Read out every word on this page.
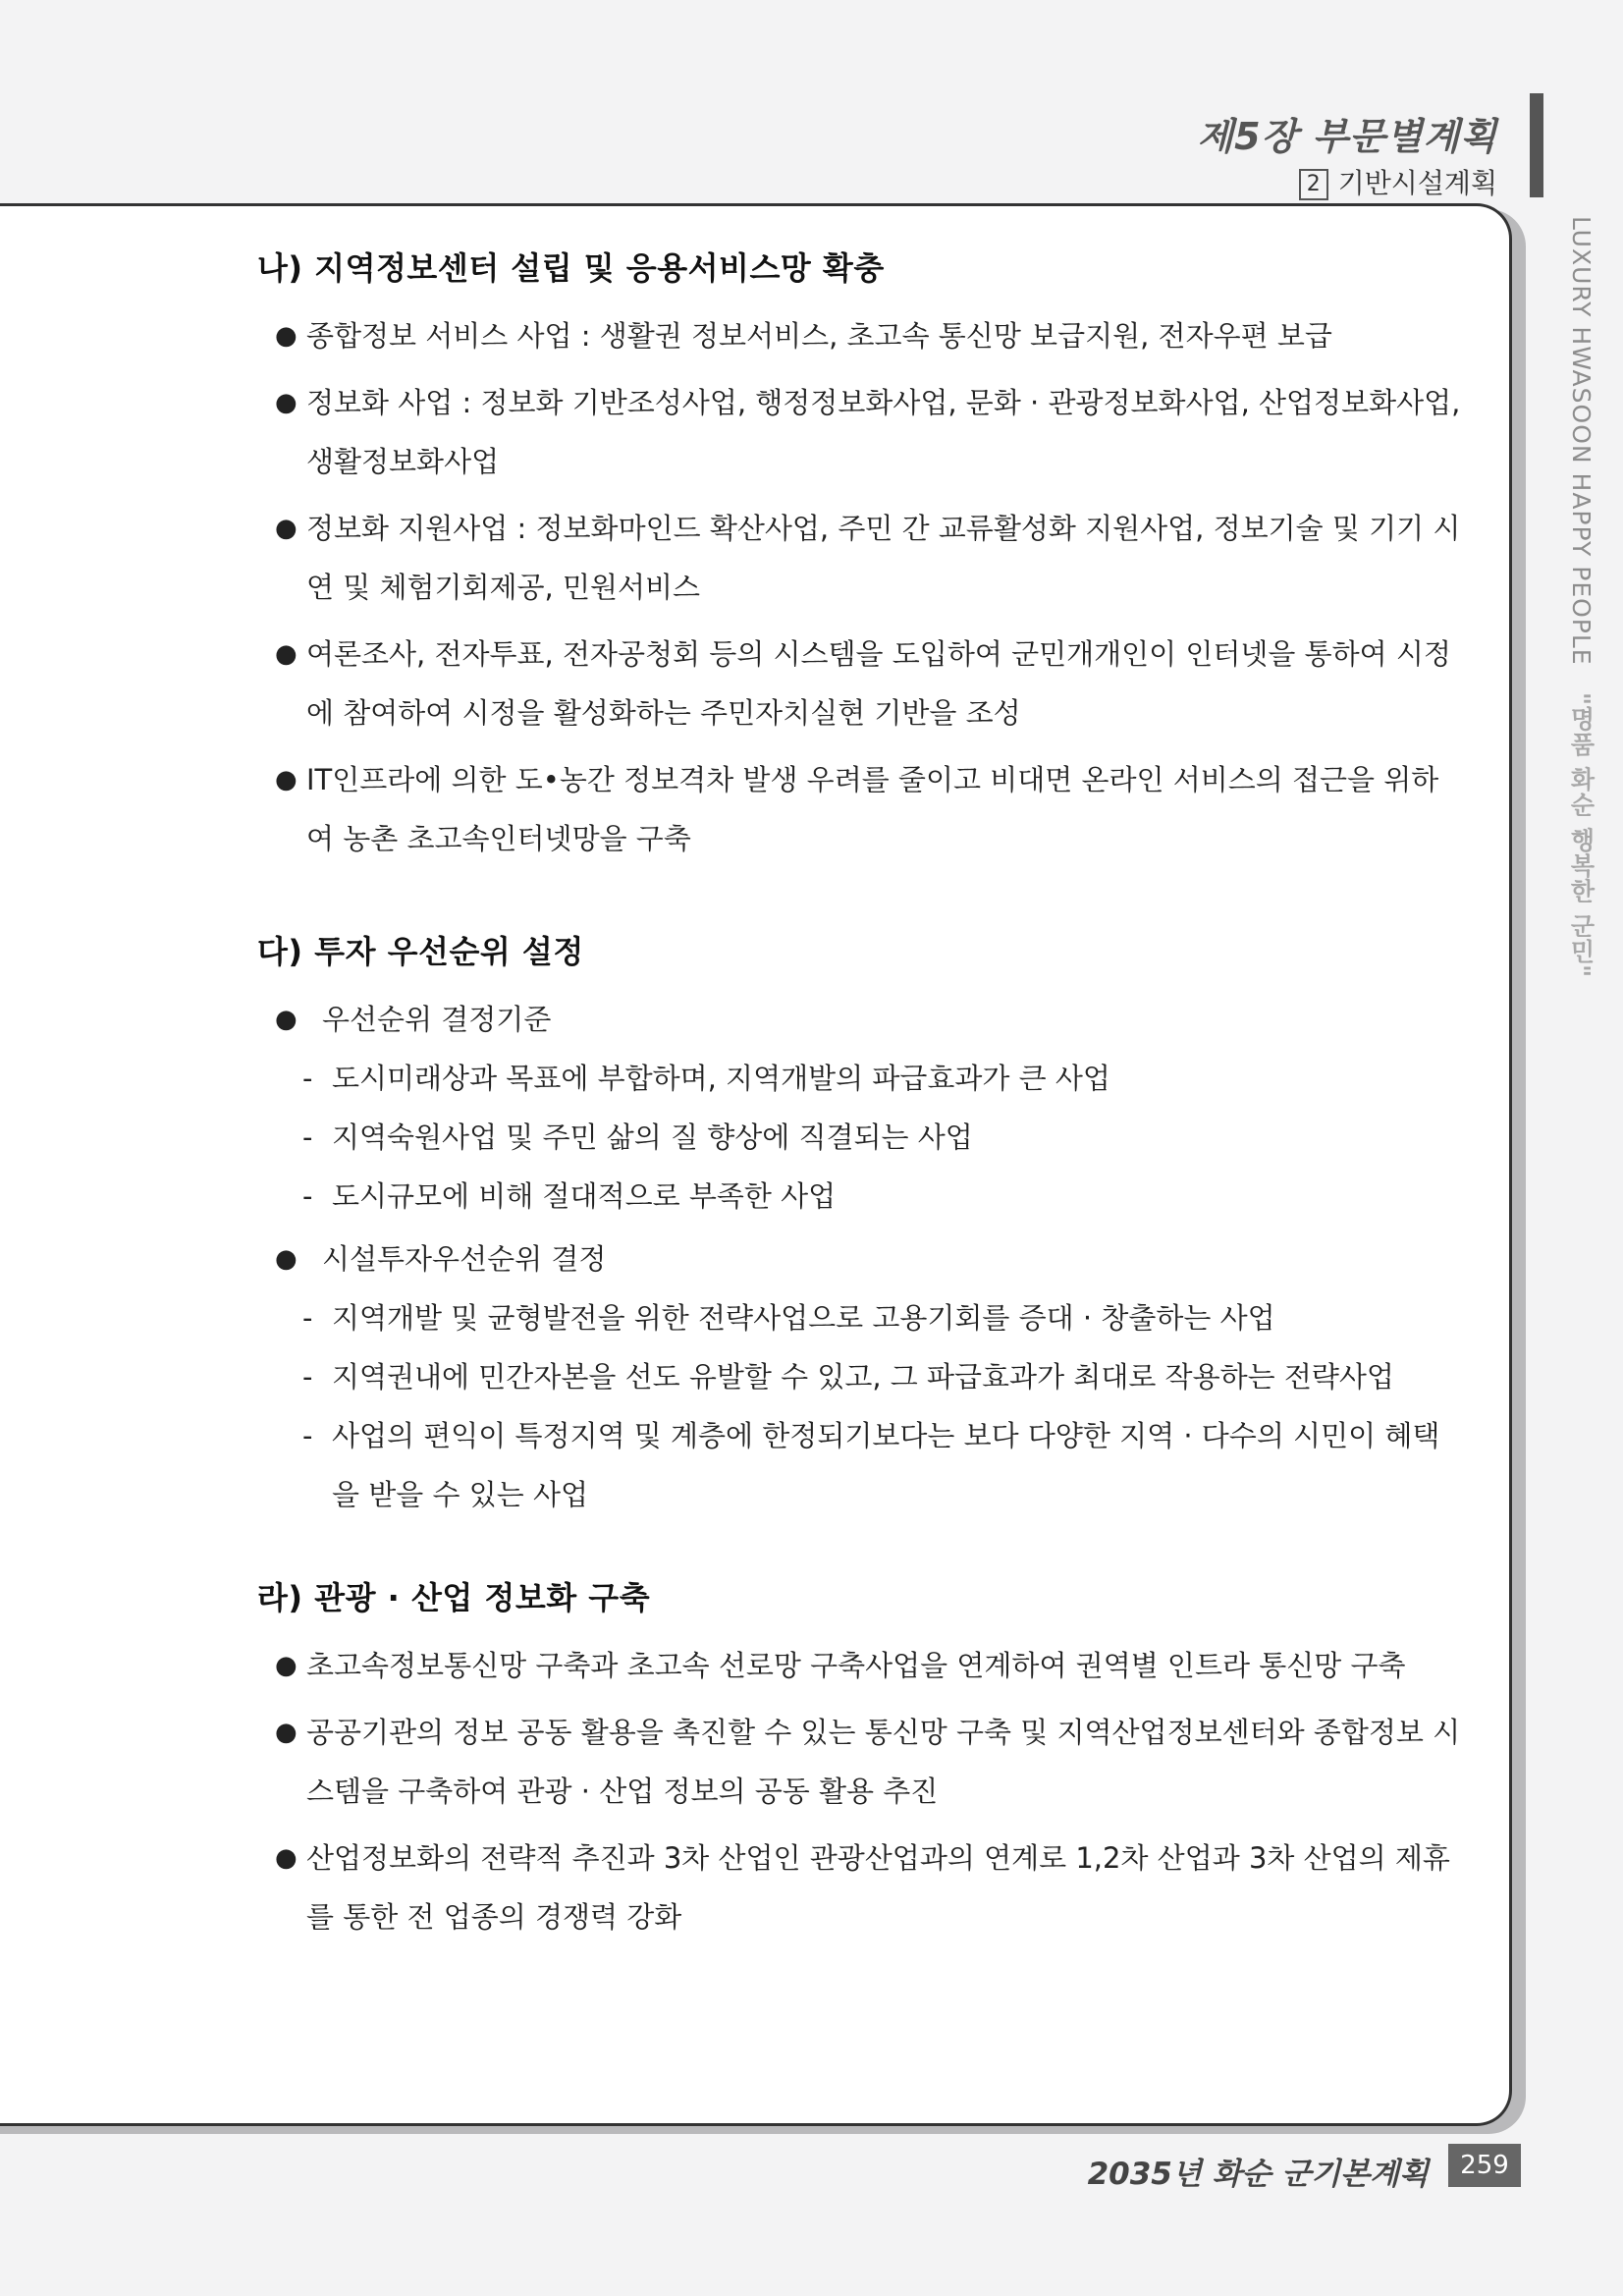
제5장 부문별계획
2 기반시설계획
LUXURY HWASOON HAPPY PEOPLE "명품 화순 행복한 군민"
나) 지역정보센터 설립 및 응용서비스망 확충
● 종합정보 서비스 사업 : 생활권 정보서비스, 초고속 통신망 보급지원, 전자우편 보급
● 정보화 사업 : 정보화 기반조성사업, 행정정보화사업, 문화 · 관광정보화사업, 산업정보화사업, 생활정보화사업
● 정보화 지원사업 : 정보화마인드 확산사업, 주민 간 교류활성화 지원사업, 정보기술 및 기기 시연 및 체험기회제공, 민원서비스
● 여론조사, 전자투표, 전자공청회 등의 시스템을 도입하여 군민개개인이 인터넷을 통하여 시정에 참여하여 시정을 활성화하는 주민자치실현 기반을 조성
● IT인프라에 의한 도•농간 정보격차 발생 우려를 줄이고 비대면 온라인 서비스의 접근을 위하여 농촌 초고속인터넷망을 구축
다) 투자 우선순위 설정
● 우선순위 결정기준
- 도시미래상과 목표에 부합하며, 지역개발의 파급효과가 큰 사업
- 지역숙원사업 및 주민 삶의 질 향상에 직결되는 사업
- 도시규모에 비해 절대적으로 부족한 사업
● 시설투자우선순위 결정
- 지역개발 및 균형발전을 위한 전략사업으로 고용기회를 증대 · 창출하는 사업
- 지역권내에 민간자본을 선도 유발할 수 있고, 그 파급효과가 최대로 작용하는 전략사업
- 사업의 편익이 특정지역 및 계층에 한정되기보다는 보다 다양한 지역 · 다수의 시민이 혜택을 받을 수 있는 사업
라) 관광 · 산업 정보화 구축
● 초고속정보통신망 구축과 초고속 선로망 구축사업을 연계하여 권역별 인트라 통신망 구축
● 공공기관의 정보 공동 활용을 촉진할 수 있는 통신망 구축 및 지역산업정보센터와 종합정보 시스템을 구축하여 관광 · 산업 정보의 공동 활용 추진
● 산업정보화의 전략적 추진과 3차 산업인 관광산업과의 연계로 1,2차 산업과 3차 산업의 제휴를 통한 전 업종의 경쟁력 강화
2035년 화순 군기본계획	259
